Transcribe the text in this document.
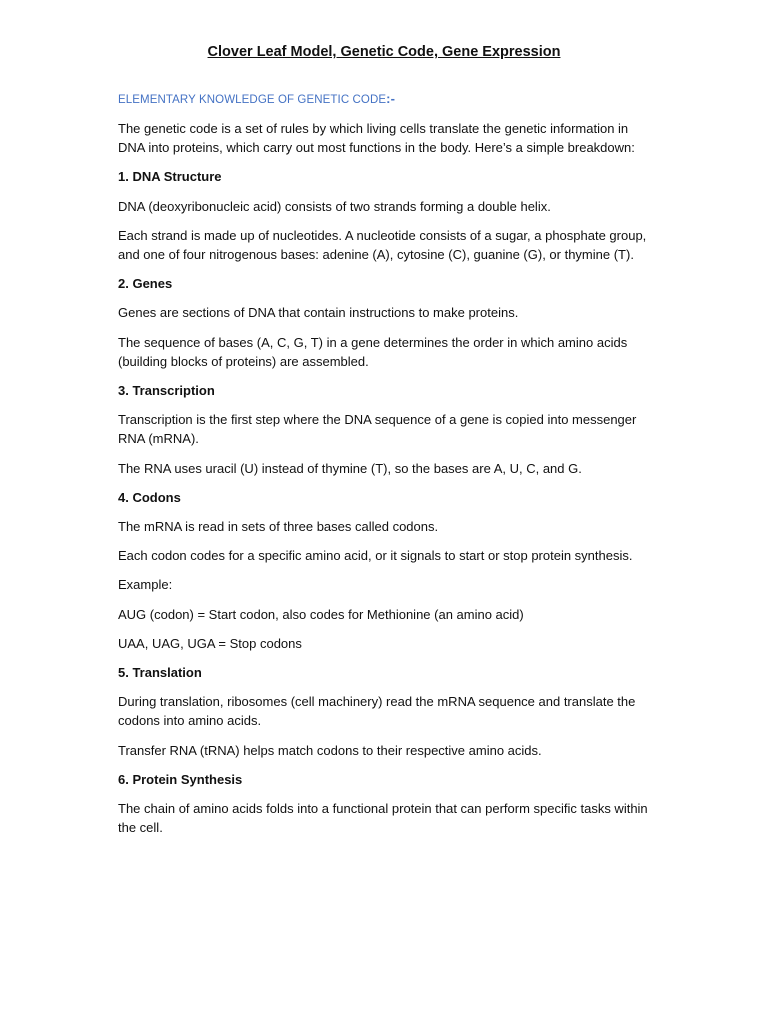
Clover Leaf Model, Genetic Code, Gene Expression
ELEMENTARY KNOWLEDGE OF GENETIC CODE:-

The genetic code is a set of rules by which living cells translate the genetic information in DNA into proteins, which carry out most functions in the body. Here’s a simple breakdown:

1. DNA Structure

DNA (deoxyribonucleic acid) consists of two strands forming a double helix.

Each strand is made up of nucleotides. A nucleotide consists of a sugar, a phosphate group, and one of four nitrogenous bases: adenine (A), cytosine (C), guanine (G), or thymine (T).

2. Genes

Genes are sections of DNA that contain instructions to make proteins.

The sequence of bases (A, C, G, T) in a gene determines the order in which amino acids (building blocks of proteins) are assembled.

3. Transcription

Transcription is the first step where the DNA sequence of a gene is copied into messenger RNA (mRNA).

The RNA uses uracil (U) instead of thymine (T), so the bases are A, U, C, and G.

4. Codons

The mRNA is read in sets of three bases called codons.

Each codon codes for a specific amino acid, or it signals to start or stop protein synthesis.

Example:

AUG (codon) = Start codon, also codes for Methionine (an amino acid)

UAA, UAG, UGA = Stop codons

5. Translation

During translation, ribosomes (cell machinery) read the mRNA sequence and translate the codons into amino acids.

Transfer RNA (tRNA) helps match codons to their respective amino acids.

6. Protein Synthesis

The chain of amino acids folds into a functional protein that can perform specific tasks within the cell.
